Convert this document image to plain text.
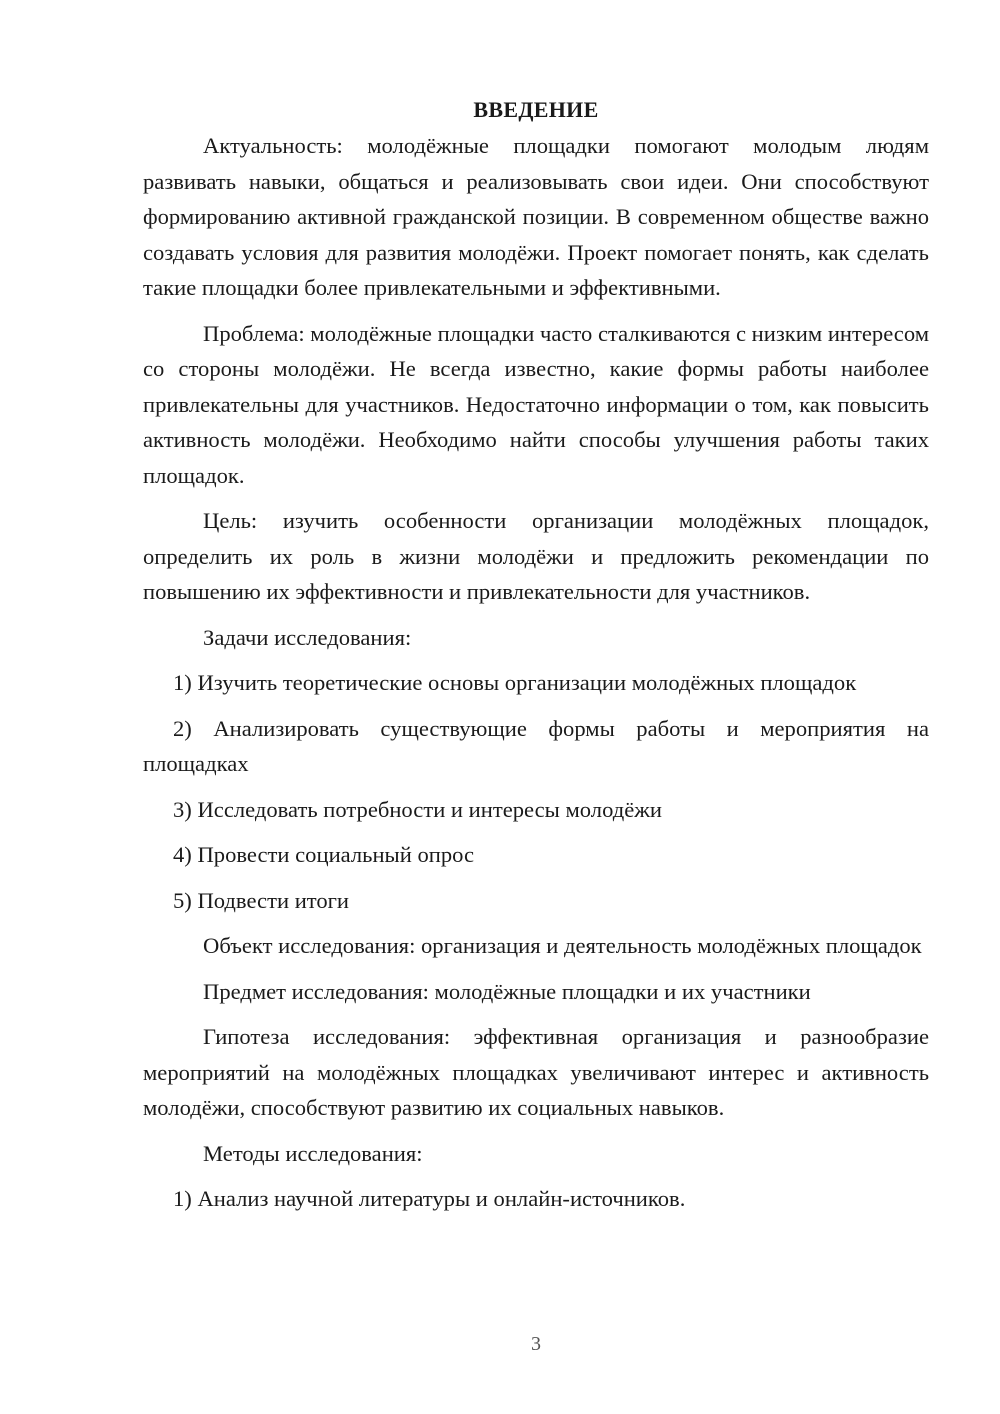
ВВЕДЕНИЕ

Актуальность: молодёжные площадки помогают молодым людям развивать навыки, общаться и реализовывать свои идеи. Они способствуют формированию активной гражданской позиции. В современном обществе важно создавать условия для развития молодёжи. Проект помогает понять, как сделать такие площадки более привлекательными и эффективными.

Проблема: молодёжные площадки часто сталкиваются с низким интересом со стороны молодёжи. Не всегда известно, какие формы работы наиболее привлекательны для участников. Недостаточно информации о том, как повысить активность молодёжи. Необходимо найти способы улучшения работы таких площадок.

Цель: изучить особенности организации молодёжных площадок, определить их роль в жизни молодёжи и предложить рекомендации по повышению их эффективности и привлекательности для участников.

Задачи исследования:

1) Изучить теоретические основы организации молодёжных площадок

2) Анализировать существующие формы работы и мероприятия на площадках

3) Исследовать потребности и интересы молодёжи

4) Провести социальный опрос

5) Подвести итоги

Объект исследования: организация и деятельность молодёжных площадок

Предмет исследования: молодёжные площадки и их участники

Гипотеза исследования: эффективная организация и разнообразие мероприятий на молодёжных площадках увеличивают интерес и активность молодёжи, способствуют развитию их социальных навыков.

Методы исследования:

1) Анализ научной литературы и онлайн-источников.

3
